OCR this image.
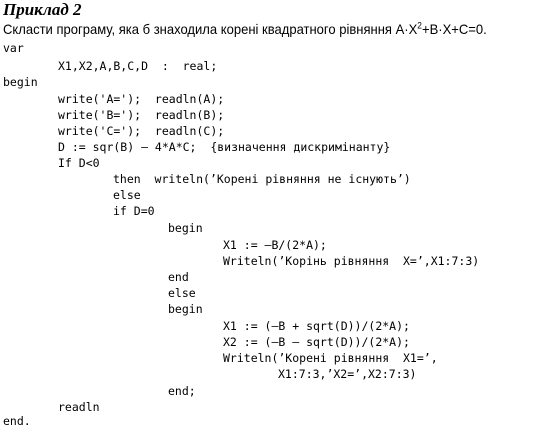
Приклад 2
Скласти програму, яка б знаходила корені квадратного рівняння $A\cdot X^2+B\cdot X+C=0$.
var
X1,X2,A,B,C,D  :  real;
begin
write('A=');  readln(A);
write('B=');  readln(B);
write('C=');  readln(C);
D := sqr(B) – 4*A*C;  {визначення дискримінанту}
If D<0
then  writeln(’Корені рівняння не існують’)
else
if D=0
begin
X1 := –B/(2*A);
Writeln(’Корінь рівняння  X=’,X1:7:3)
end
else
begin
X1 := (–B + sqrt(D))/(2*A);
X2 := (–B – sqrt(D))/(2*A);
Writeln(’Корені рівняння  X1=’,
X1:7:3,’X2=’,X2:7:3)
end;
readln
end.
